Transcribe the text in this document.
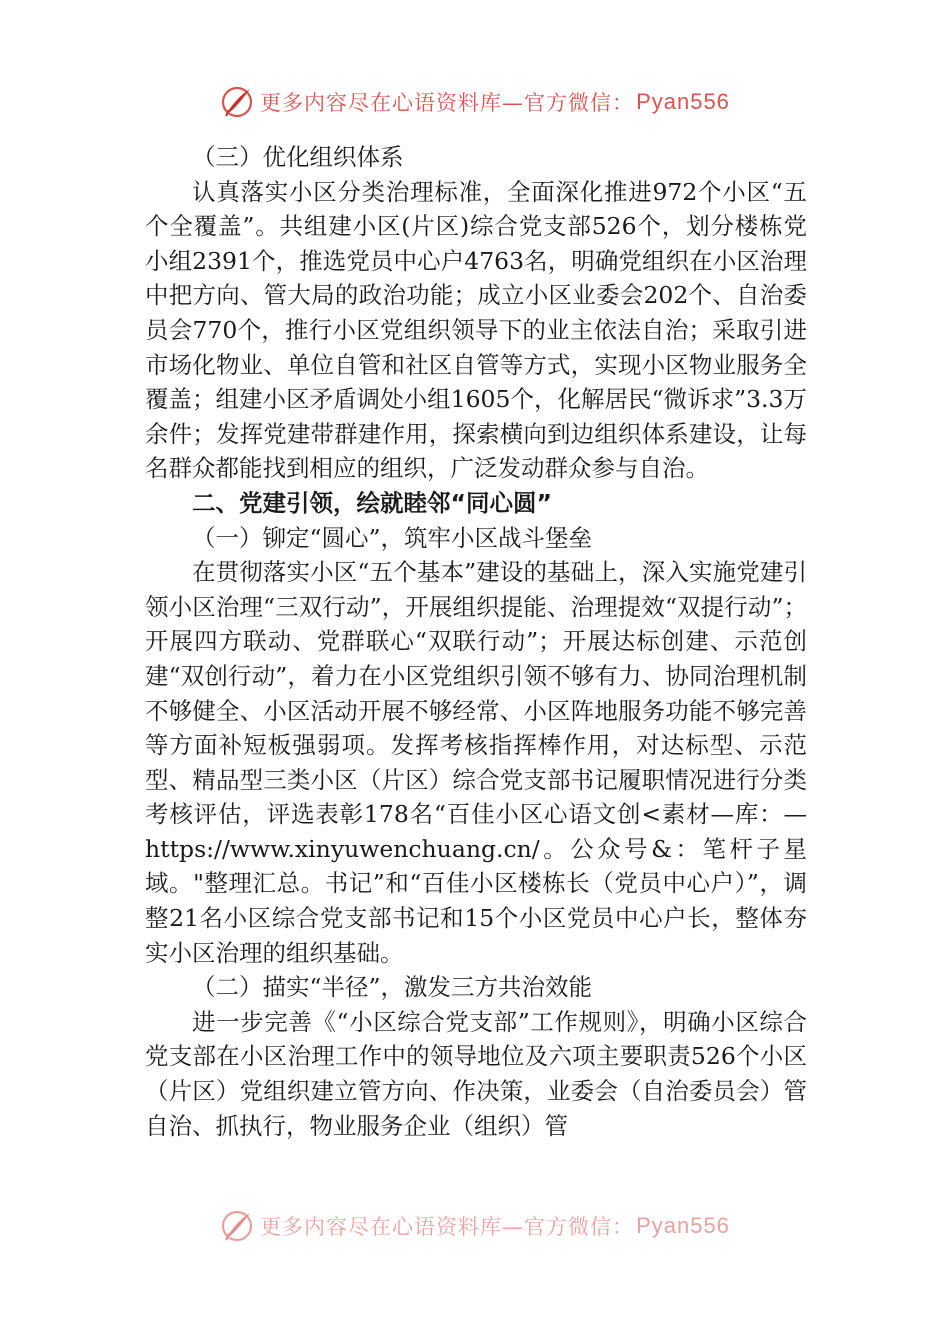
更多内容尽在心语资料库—官方微信： Pyan556

（三）优化组织体系

认真落实小区分类治理标准，全面深化推进972个小区“五个全覆盖”。共组建小区(片区)综合党支部526个，划分楼栋党小组2391个，推选党员中心户4763名，明确党组织在小区治理中把方向、管大局的政治功能；成立小区业委会202个、自治委员会770个，推行小区党组织领导下的业主依法自治；采取引进市场化物业、单位自管和社区自管等方式，实现小区物业服务全覆盖；组建小区矛盾调处小组1605个，化解居民“微诉求”3.3万余件；发挥党建带群建作用，探索横向到边组织体系建设，让每名群众都能找到相应的组织，广泛发动群众参与自治。

二、党建引领，绘就睦邻“同心圆”

（一）铆定“圆心”，筑牢小区战斗堡垒

在贯彻落实小区“五个基本”建设的基础上，深入实施党建引领小区治理“三双行动”，开展组织提能、治理提效“双提行动”；开展四方联动、党群联心“双联行动”；开展达标创建、示范创建“双创行动”，着力在小区党组织引领不够有力、协同治理机制不够健全、小区活动开展不够经常、小区阵地服务功能不够完善等方面补短板强弱项。发挥考核指挥棒作用，对达标型、示范型、精品型三类小区（片区）综合党支部书记履职情况进行分类考核评估，评选表彰178名“百佳小区心语文创<素材—库：—https://www.xinyuwenchuang.cn/。公众号&：笔杆子星域。"整理汇总。书记”和“百佳小区楼栋长（党员中心户）”，调整21名小区综合党支部书记和15个小区党员中心户长，整体夯实小区治理的组织基础。

（二）描实“半径”，激发三方共治效能

进一步完善《“小区综合党支部”工作规则》，明确小区综合党支部在小区治理工作中的领导地位及六项主要职责526个小区（片区）党组织建立管方向、作决策，业委会（自治委员会）管自治、抓执行，物业服务企业（组织）管

更多内容尽在心语资料库—官方微信： Pyan556
